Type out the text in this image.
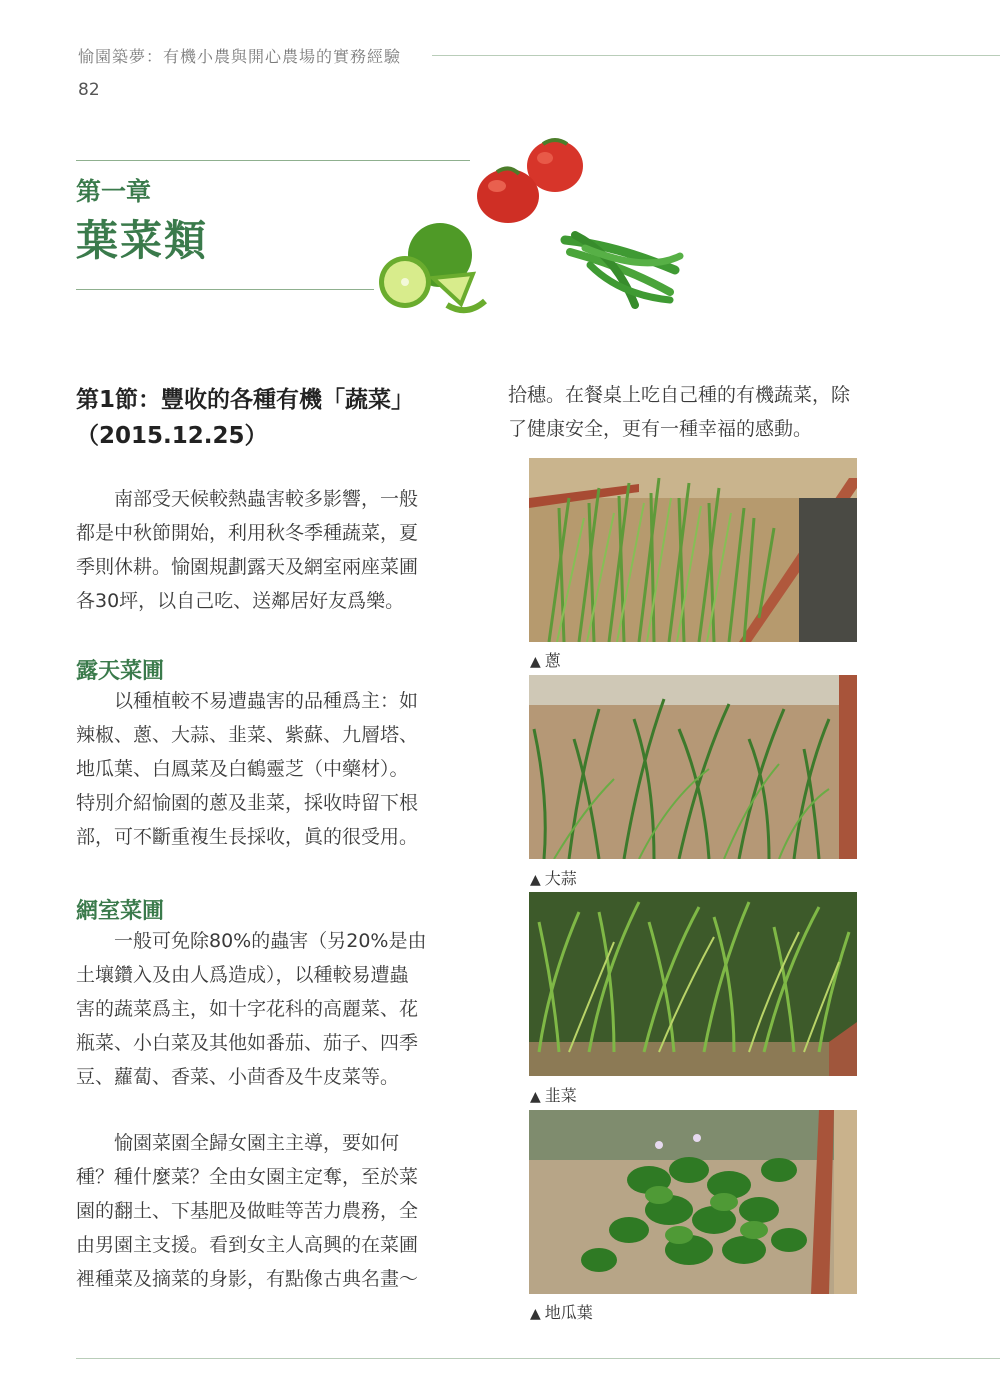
愉園築夢：有機小農與開心農場的實務經驗
82
第一章
葉菜類
第1節：豐收的各種有機「蔬菜」
（2015.12.25）
南部受天候較熱蟲害較多影響，一般
都是中秋節開始，利用秋冬季種蔬菜，夏
季則休耕。愉園規劃露天及網室兩座菜圃
各30坪，以自己吃、送鄰居好友爲樂。
露天菜圃
以種植較不易遭蟲害的品種爲主：如
辣椒、蔥、大蒜、韭菜、紫蘇、九層塔、
地瓜葉、白鳳菜及白鶴靈芝（中藥材）。
特別介紹愉園的蔥及韭菜，採收時留下根
部，可不斷重複生長採收，眞的很受用。
網室菜圃
一般可免除80%的蟲害（另20%是由
土壤鑽入及由人爲造成），以種較易遭蟲
害的蔬菜爲主，如十字花科的高麗菜、花
瓶菜、小白菜及其他如番茄、茄子、四季
豆、蘿蔔、香菜、小茴香及牛皮菜等。
愉園菜園全歸女園主主導，要如何
種？種什麼菜？全由女園主定奪，至於菜
園的翻土、下基肥及做畦等苦力農務，全
由男園主支援。看到女主人高興的在菜圃
裡種菜及摘菜的身影，有點像古典名畫～
拾穗。在餐桌上吃自己種的有機蔬菜，除
了健康安全，更有一種幸福的感動。
▲ 蔥
▲ 大蒜
▲ 韭菜
▲ 地瓜葉
